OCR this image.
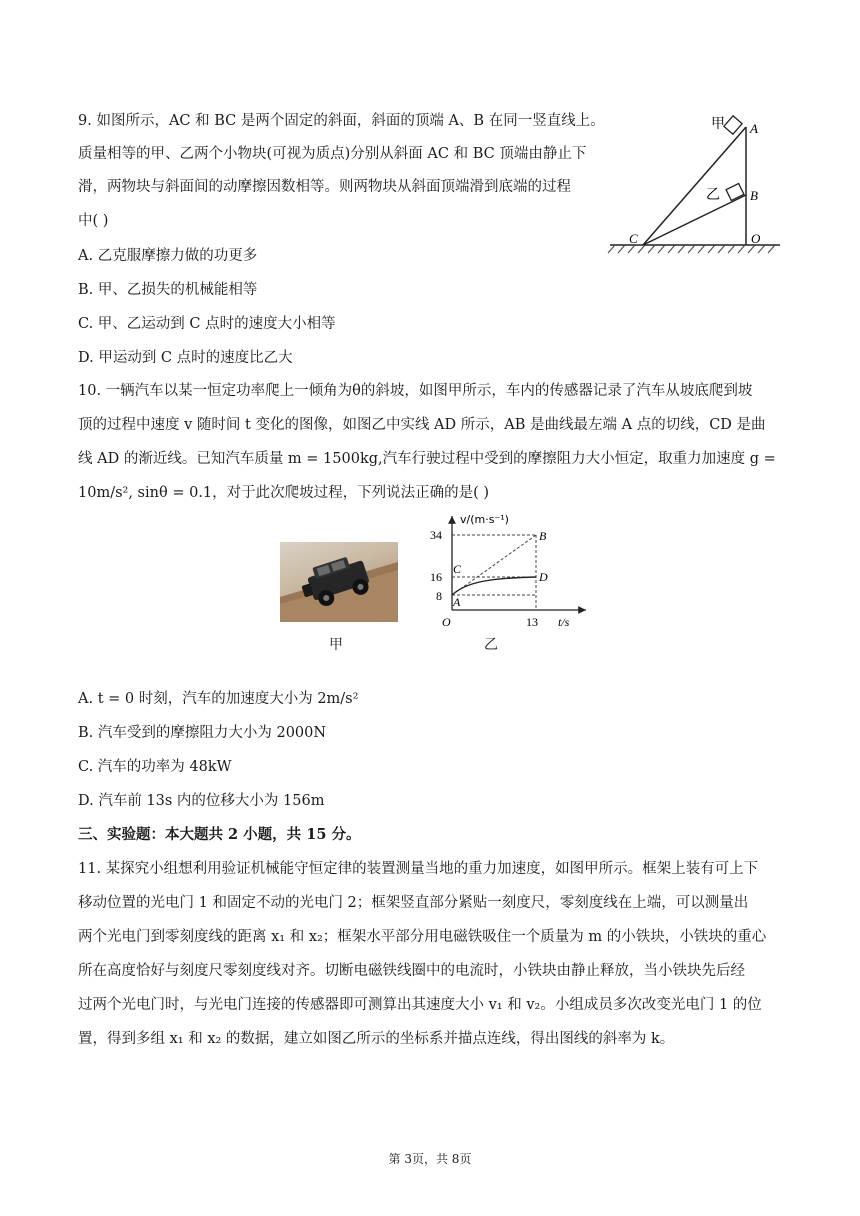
9. 如图所示，AC 和 BC 是两个固定的斜面，斜面的顶端 A、B 在同一竖直线上。
质量相等的甲、乙两个小物块(可视为质点)分别从斜面 AC 和 BC 顶端由静止下
滑，两物块与斜面间的动摩擦因数相等。则两物块从斜面顶端滑到底端的过程
中( )
A. 乙克服摩擦力做的功更多
B. 甲、乙损失的机械能相等
C. 甲、乙运动到 C 点时的速度大小相等
D. 甲运动到 C 点时的速度比乙大
甲
乙
A
B
C	O
10. 一辆汽车以某一恒定功率爬上一倾角为θ的斜坡，如图甲所示，车内的传感器记录了汽车从坡底爬到坡
顶的过程中速度 v 随时间 t 变化的图像，如图乙中实线 AD 所示，AB 是曲线最左端 A 点的切线，CD 是曲
线 AD 的渐近线。已知汽车质量 m = 1500kg,汽车行驶过程中受到的摩擦阻力大小恒定，取重力加速度 g =
10m/s², sinθ = 0.1，对于此次爬坡过程，下列说法正确的是( )
甲
v/(m·s⁻¹)
34
16
8
13 t/s
O
A
B
C
D
乙
A. t = 0 时刻，汽车的加速度大小为 2m/s²
B. 汽车受到的摩擦阻力大小为 2000N
C. 汽车的功率为 48kW
D. 汽车前 13s 内的位移大小为 156m
三、实验题：本大题共 2 小题，共 15 分。
11. 某探究小组想利用验证机械能守恒定律的装置测量当地的重力加速度，如图甲所示。框架上装有可上下
移动位置的光电门 1 和固定不动的光电门 2；框架竖直部分紧贴一刻度尺，零刻度线在上端，可以测量出
两个光电门到零刻度线的距离 x₁ 和 x₂；框架水平部分用电磁铁吸住一个质量为 m 的小铁块，小铁块的重心
所在高度恰好与刻度尺零刻度线对齐。切断电磁铁线圈中的电流时，小铁块由静止释放，当小铁块先后经
过两个光电门时，与光电门连接的传感器即可测算出其速度大小 v₁ 和 v₂。小组成员多次改变光电门 1 的位
置，得到多组 x₁ 和 x₂ 的数据，建立如图乙所示的坐标系并描点连线，得出图线的斜率为 k。
第 3页，共 8页
